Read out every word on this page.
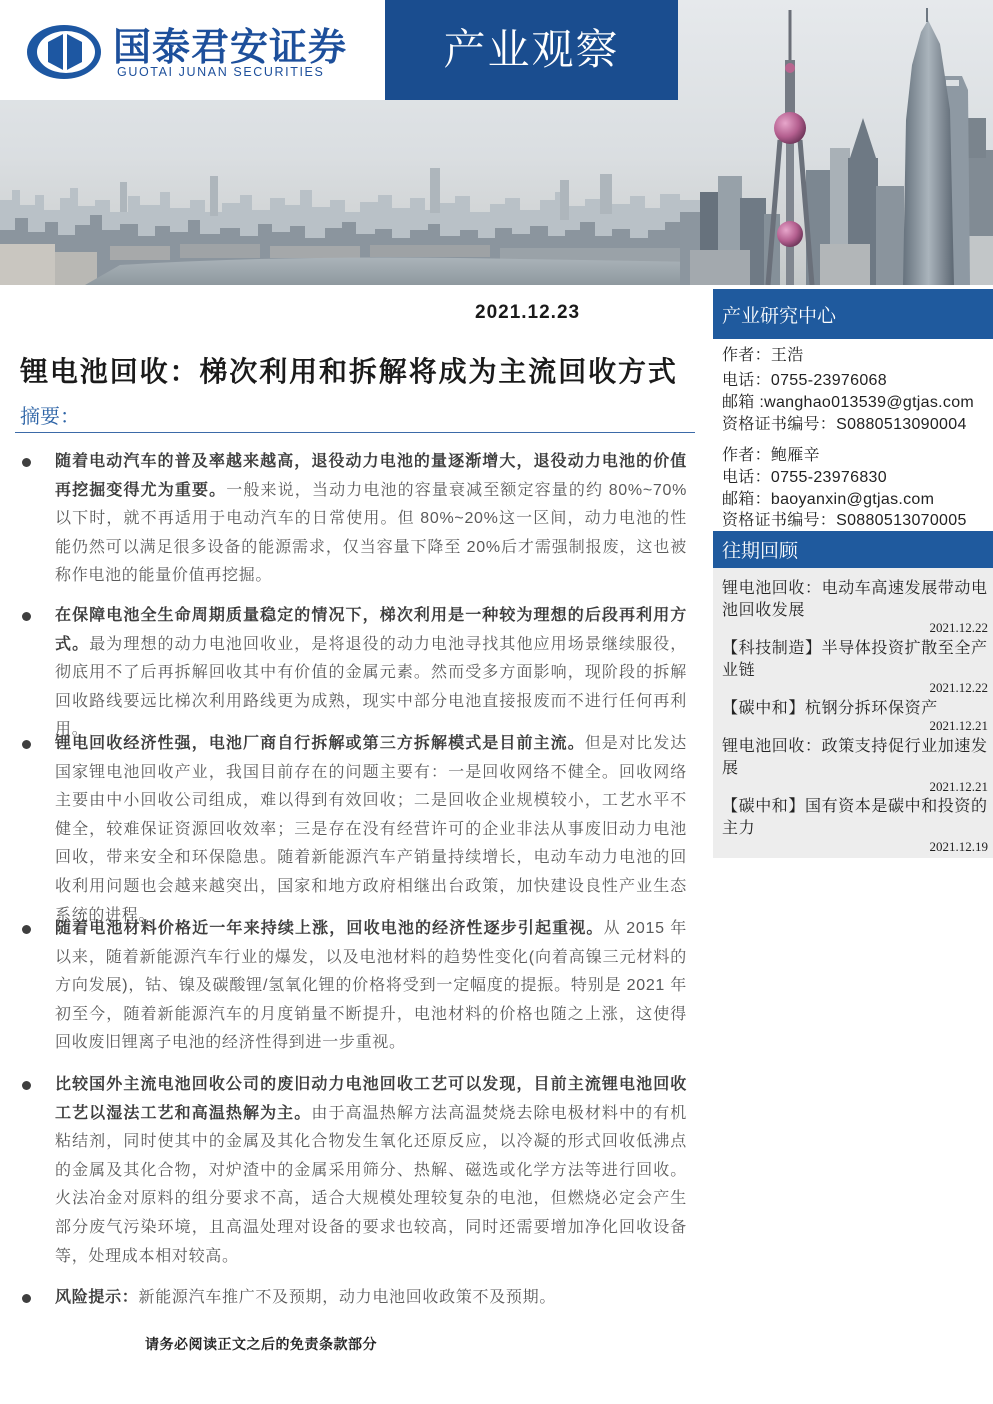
国泰君安证券
GUOTAI JUNAN SECURITIES	产业观察
2021.12.23
锂电池回收：梯次利用和拆解将成为主流回收方式
摘要：

随着电动汽车的普及率越来越高，退役动力电池的量逐渐增大，退役动力电池的价值再挖掘变得尤为重要。一般来说，当动力电池的容量衰减至额定容量的约 80%~70%以下时，就不再适用于电动汽车的日常使用。但 80%~20%这一区间，动力电池的性能仍然可以满足很多设备的能源需求，仅当容量下降至 20%后才需强制报废，这也被称作电池的能量价值再挖掘。

在保障电池全生命周期质量稳定的情况下，梯次利用是一种较为理想的后段再利用方式。最为理想的动力电池回收业，是将退役的动力电池寻找其他应用场景继续服役，彻底用不了后再拆解回收其中有价值的金属元素。然而受多方面影响，现阶段的拆解回收路线要远比梯次利用路线更为成熟，现实中部分电池直接报废而不进行任何再利用。

锂电回收经济性强，电池厂商自行拆解或第三方拆解模式是目前主流。但是对比发达国家锂电池回收产业，我国目前存在的问题主要有：一是回收网络不健全。回收网络主要由中小回收公司组成，难以得到有效回收；二是回收企业规模较小，工艺水平不健全，较难保证资源回收效率；三是存在没有经营许可的企业非法从事废旧动力电池回收，带来安全和环保隐患。随着新能源汽车产销量持续增长，电动车动力电池的回收利用问题也会越来越突出，国家和地方政府相继出台政策，加快建设良性产业生态系统的进程。

随着电池材料价格近一年来持续上涨，回收电池的经济性逐步引起重视。从 2015 年以来，随着新能源汽车行业的爆发，以及电池材料的趋势性变化(向着高镍三元材料的方向发展)，钴、镍及碳酸锂/氢氧化锂的价格将受到一定幅度的提振。特别是 2021 年初至今，随着新能源汽车的月度销量不断提升，电池材料的价格也随之上涨，这使得回收废旧锂离子电池的经济性得到进一步重视。

比较国外主流电池回收公司的废旧动力电池回收工艺可以发现，目前主流锂电池回收工艺以湿法工艺和高温热解为主。由于高温热解方法高温焚烧去除电极材料中的有机粘结剂，同时使其中的金属及其化合物发生氧化还原反应，以冷凝的形式回收低沸点的金属及其化合物，对炉渣中的金属采用筛分、热解、磁选或化学方法等进行回收。火法冶金对原料的组分要求不高，适合大规模处理较复杂的电池，但燃烧必定会产生部分废气污染环境，且高温处理对设备的要求也较高，同时还需要增加净化回收设备等，处理成本相对较高。

风险提示：新能源汽车推广不及预期，动力电池回收政策不及预期。

请务必阅读正文之后的免责条款部分
产业研究中心
作者：王浩
电话：0755-23976068
邮箱 :wanghao013539@gtjas.com
资格证书编号：S0880513090004
作者：鲍雁辛
电话：0755-23976830
邮箱：baoyanxin@gtjas.com
资格证书编号：S0880513070005
往期回顾

锂电池回收：电动车高速发展带动电池回收发展

2021.12.22

【科技制造】半导体投资扩散至全产业链

2021.12.22

【碳中和】杭钢分拆环保资产

2021.12.21

锂电池回收：政策支持促行业加速发展

2021.12.21

【碳中和】国有资本是碳中和投资的主力

2021.12.19
